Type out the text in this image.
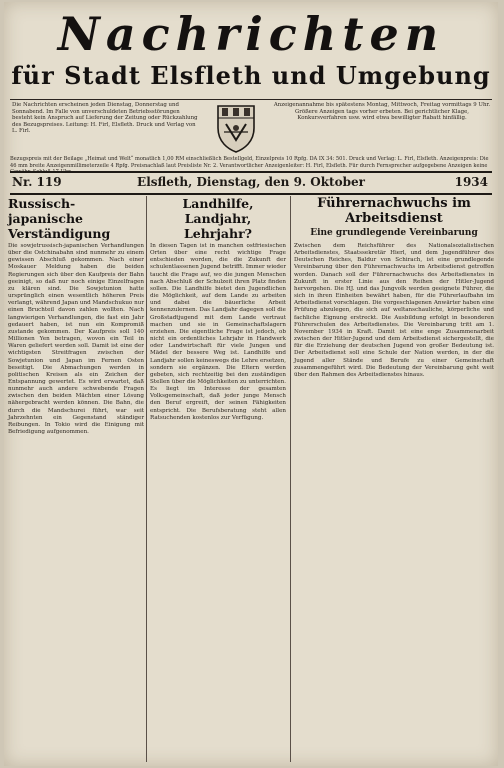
Nachrichten
für Stadt Elsfleth und Umgebung
Die Nachrichten erscheinen jeden Dienstag, Donnerstag und Sonnabend. Im Falle von unverschuldeten Betriebsstörungen besteht kein Anspruch auf Lieferung der Zeitung oder Rückzahlung des Bezugspreises. Leitung: H. Firl, Elsfleth. Druck und Verlag von L. Firl.
Anzeigenannahme bis spätestens Montag, Mittwoch, Freitag vormittags 9 Uhr. Größere Anzeigen tags vorher erbeten. Bei gerichtlicher Klage, Konkursverfahren usw. wird etwa bewilligter Rabatt hinfällig.
Bezugspreis mit der Beilage „Heimat und Welt“ monatlich 1,00 RM einschließlich Bestellgeld, Einzelpreis 10 Rpfg. DA IX 34: 501. Druck und Verlag: L. Firl, Elsfleth. Anzeigenpreis: Die 46 mm breite Anzeigenmillimeterzeile 4 Rpfg. Preisnachlaß laut Preisliste Nr. 2. Verantwortlicher Anzeigenleiter: H. Firl, Elsfleth. Für durch Fernsprecher aufgegebene Anzeigen keine Gewähr. Schluß 17 Uhr.
Nr. 119	Elsfleth, Dienstag, den 9. Oktober	1934
Russisch-japanische Verständigung
Die sowjetrussisch-japanischen Verhandlungen über die Ostchinabahn sind nunmehr zu einem gewissen Abschluß gekommen. Nach einer Moskauer Meldung haben die beiden Regierungen sich über den Kaufpreis der Bahn geeinigt, so daß nur noch einige Einzelfragen zu klären sind. Die Sowjetunion hatte ursprünglich einen wesentlich höheren Preis verlangt, während Japan und Mandschukuo nur einen Bruchteil davon zahlen wollten. Nach langwierigen Verhandlungen, die fast ein Jahr gedauert haben, ist nun ein Kompromiß zustande gekommen. Der Kaufpreis soll 140 Millionen Yen betragen, wovon ein Teil in Waren geliefert werden soll. Damit ist eine der wichtigsten Streitfragen zwischen der Sowjetunion und Japan im Fernen Osten beseitigt. Die Abmachungen werden in politischen Kreisen als ein Zeichen der Entspannung gewertet. Es wird erwartet, daß nunmehr auch andere schwebende Fragen zwischen den beiden Mächten einer Lösung nähergebracht werden können. Die Bahn, die durch die Mandschurei führt, war seit Jahrzehnten ein Gegenstand ständiger Reibungen. In Tokio wird die Einigung mit Befriedigung aufgenommen.
Landhilfe, Landjahr, Lehrjahr?
In diesen Tagen ist in manchen ostfriesischen Orten über eine recht wichtige Frage entschieden worden, die die Zukunft der schulentlassenen Jugend betrifft. Immer wieder taucht die Frage auf, wo die jungen Menschen nach Abschluß der Schulzeit ihren Platz finden sollen. Die Landhilfe bietet den Jugendlichen die Möglichkeit, auf dem Lande zu arbeiten und dabei die bäuerliche Arbeit kennenzulernen. Das Landjahr dagegen soll die Großstadtjugend mit dem Lande vertraut machen und sie in Gemeinschaftslagern erziehen. Die eigentliche Frage ist jedoch, ob nicht ein ordentliches Lehrjahr in Handwerk oder Landwirtschaft für viele Jungen und Mädel der bessere Weg ist. Landhilfe und Landjahr sollen keineswegs die Lehre ersetzen, sondern sie ergänzen. Die Eltern werden gebeten, sich rechtzeitig bei den zuständigen Stellen über die Möglichkeiten zu unterrichten. Es liegt im Interesse der gesamten Volksgemeinschaft, daß jeder junge Mensch den Beruf ergreift, der seinen Fähigkeiten entspricht. Die Berufsberatung steht allen Ratsuchenden kostenlos zur Verfügung.
Führernachwuchs im Arbeitsdienst
Eine grundlegende Vereinbarung
Zwischen dem Reichsführer des Nationalsozialistischen Arbeitsdienstes, Staatssekretär Hierl, und dem Jugendführer des Deutschen Reiches, Baldur von Schirach, ist eine grundlegende Vereinbarung über den Führernachwuchs im Arbeitsdienst getroffen worden. Danach soll der Führernachwuchs des Arbeitsdienstes in Zukunft in erster Linie aus den Reihen der Hitler-Jugend hervorgehen. Die HJ. und das Jungvolk werden geeignete Führer, die sich in ihren Einheiten bewährt haben, für die Führerlaufbahn im Arbeitsdienst vorschlagen. Die vorgeschlagenen Anwärter haben eine Prüfung abzulegen, die sich auf weltanschauliche, körperliche und fachliche Eignung erstreckt. Die Ausbildung erfolgt in besonderen Führerschulen des Arbeitsdienstes. Die Vereinbarung tritt am 1. November 1934 in Kraft. Damit ist eine enge Zusammenarbeit zwischen der Hitler-Jugend und dem Arbeitsdienst sichergestellt, die für die Erziehung der deutschen Jugend von großer Bedeutung ist. Der Arbeitsdienst soll eine Schule der Nation werden, in der die Jugend aller Stände und Berufe zu einer Gemeinschaft zusammengeführt wird. Die Bedeutung der Vereinbarung geht weit über den Rahmen des Arbeitsdienstes hinaus.
